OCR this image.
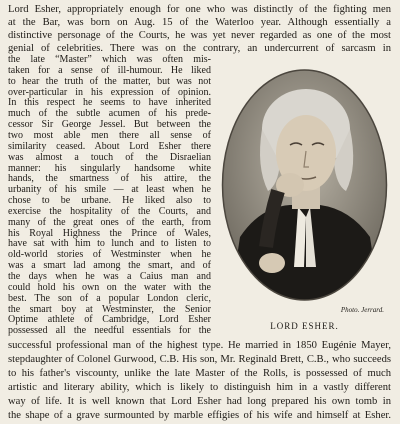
Lord Esher, appropriately enough for one who was distinctly of the fighting men
at the Bar, was born on Aug. 15 of the Waterloo year. Although essentially a
distinctive personage of the Courts, he was yet never regarded as one of the most
genial of celebrities. There was on the contrary, an undercurrent of sarcasm in
the late “Master” which was often mis-
taken for a sense of ill-humour. He liked
to hear the truth of the matter, but was not
over-particular in his expression of opinion.
In this respect he seems to have inherited
much of the subtle acumen of his prede-
cessor Sir George Jessel. But between the
two most able men there all sense of
similarity ceased. About Lord Esher there
was almost a touch of the Disraelian
manner: his singularly handsome white
hands, the smartness of his attire, the
urbanity of his smile — at least when he
chose to be urbane. He liked also to
exercise the hospitality of the Courts, and
many of the great ones of the earth, from
his Royal Highness the Prince of Wales,
have sat with him to lunch and to listen to
old-world stories of Westminster when he
was a smart lad among the smart, and of
the days when he was a Caius man and
could hold his own on the water with the
best. The son of a popular London cleric,
the smart boy at Westminster, the Senior
Optime athlete of Cambridge, Lord Esher
possessed all the needful essentials for the
Photo. Jerrard.
LORD ESHER.
successful professional man of the highest type. He married in 1850 Eugénie Mayer,
stepdaughter of Colonel Gurwood, C.B. His son, Mr. Reginald Brett, C.B., who succeeds
to his father's viscounty, unlike the late Master of the Rolls, is possessed of much
artistic and literary ability, which is likely to distinguish him in a vastly different
way of life. It is well known that Lord Esher had long prepared his own tomb in
the shape of a grave surmounted by marble effigies of his wife and himself at Esher.
